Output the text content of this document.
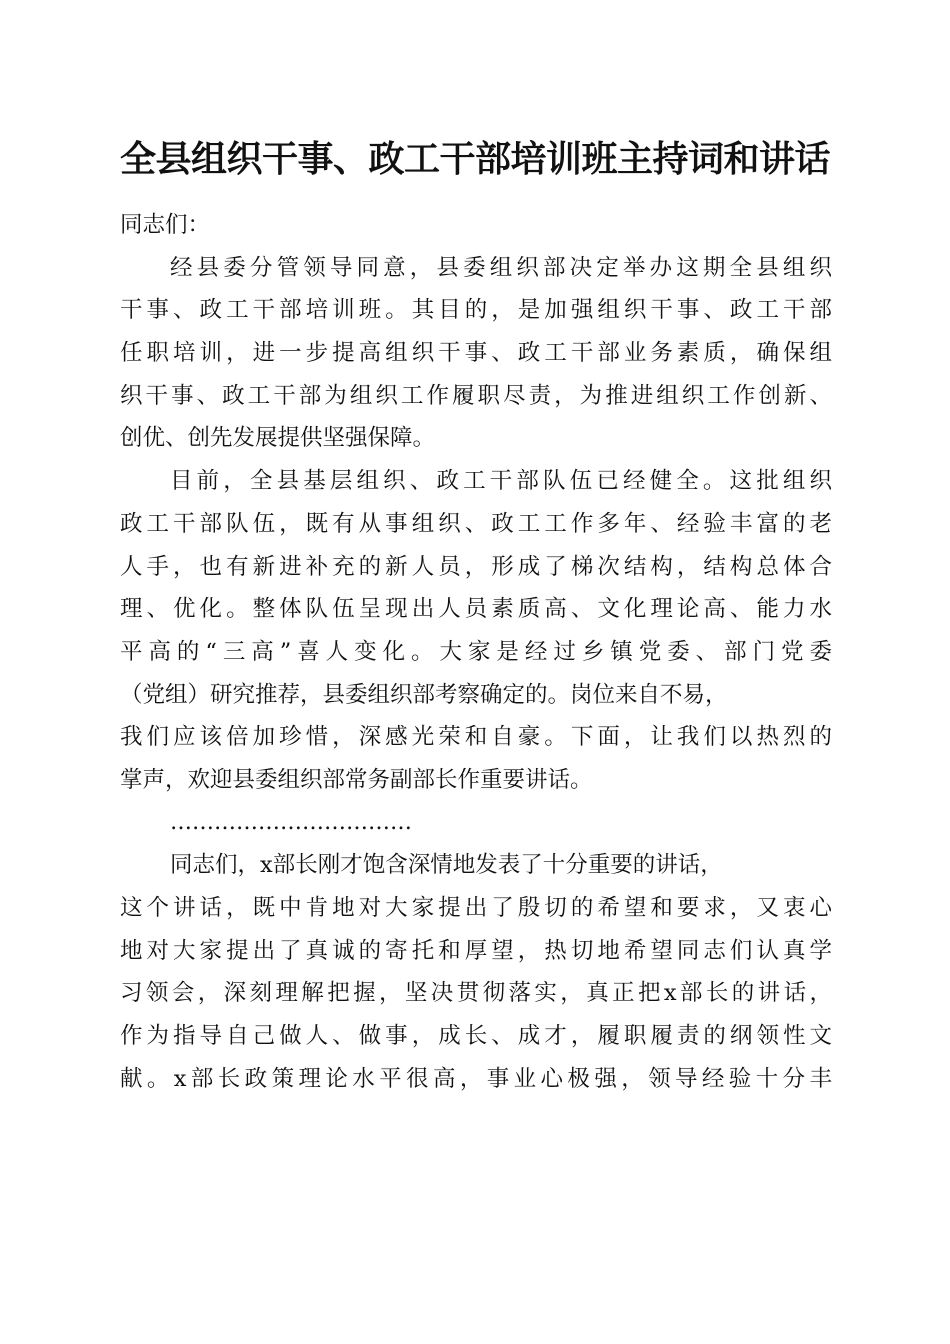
全县组织干事、政工干部培训班主持词和讲话
同志们：
经县委分管领导同意，县委组织部决定举办这期全县组织
干事、政工干部培训班。其目的，是加强组织干事、政工干部
任职培训，进一步提高组织干事、政工干部业务素质，确保组
织干事、政工干部为组织工作履职尽责，为推进组织工作创新、
创优、创先发展提供坚强保障。
目前，全县基层组织、政工干部队伍已经健全。这批组织
政工干部队伍，既有从事组织、政工工作多年、经验丰富的老
人手，也有新进补充的新人员，形成了梯次结构，结构总体合
理、优化。整体队伍呈现出人员素质高、文化理论高、能力水
平高的“三高”喜人变化。大家是经过乡镇党委、部门党委
（党组）研究推荐，县委组织部考察确定的。岗位来自不易，
我们应该倍加珍惜，深感光荣和自豪。下面，让我们以热烈的
掌声，欢迎县委组织部常务副部长作重要讲话。
……………………………
同志们，x部长刚才饱含深情地发表了十分重要的讲话，
这个讲话，既中肯地对大家提出了殷切的希望和要求，又衷心
地对大家提出了真诚的寄托和厚望，热切地希望同志们认真学
习领会，深刻理解把握，坚决贯彻落实，真正把x部长的讲话，
作为指导自己做人、做事，成长、成才，履职履责的纲领性文
献。x部长政策理论水平很高，事业心极强，领导经验十分丰
